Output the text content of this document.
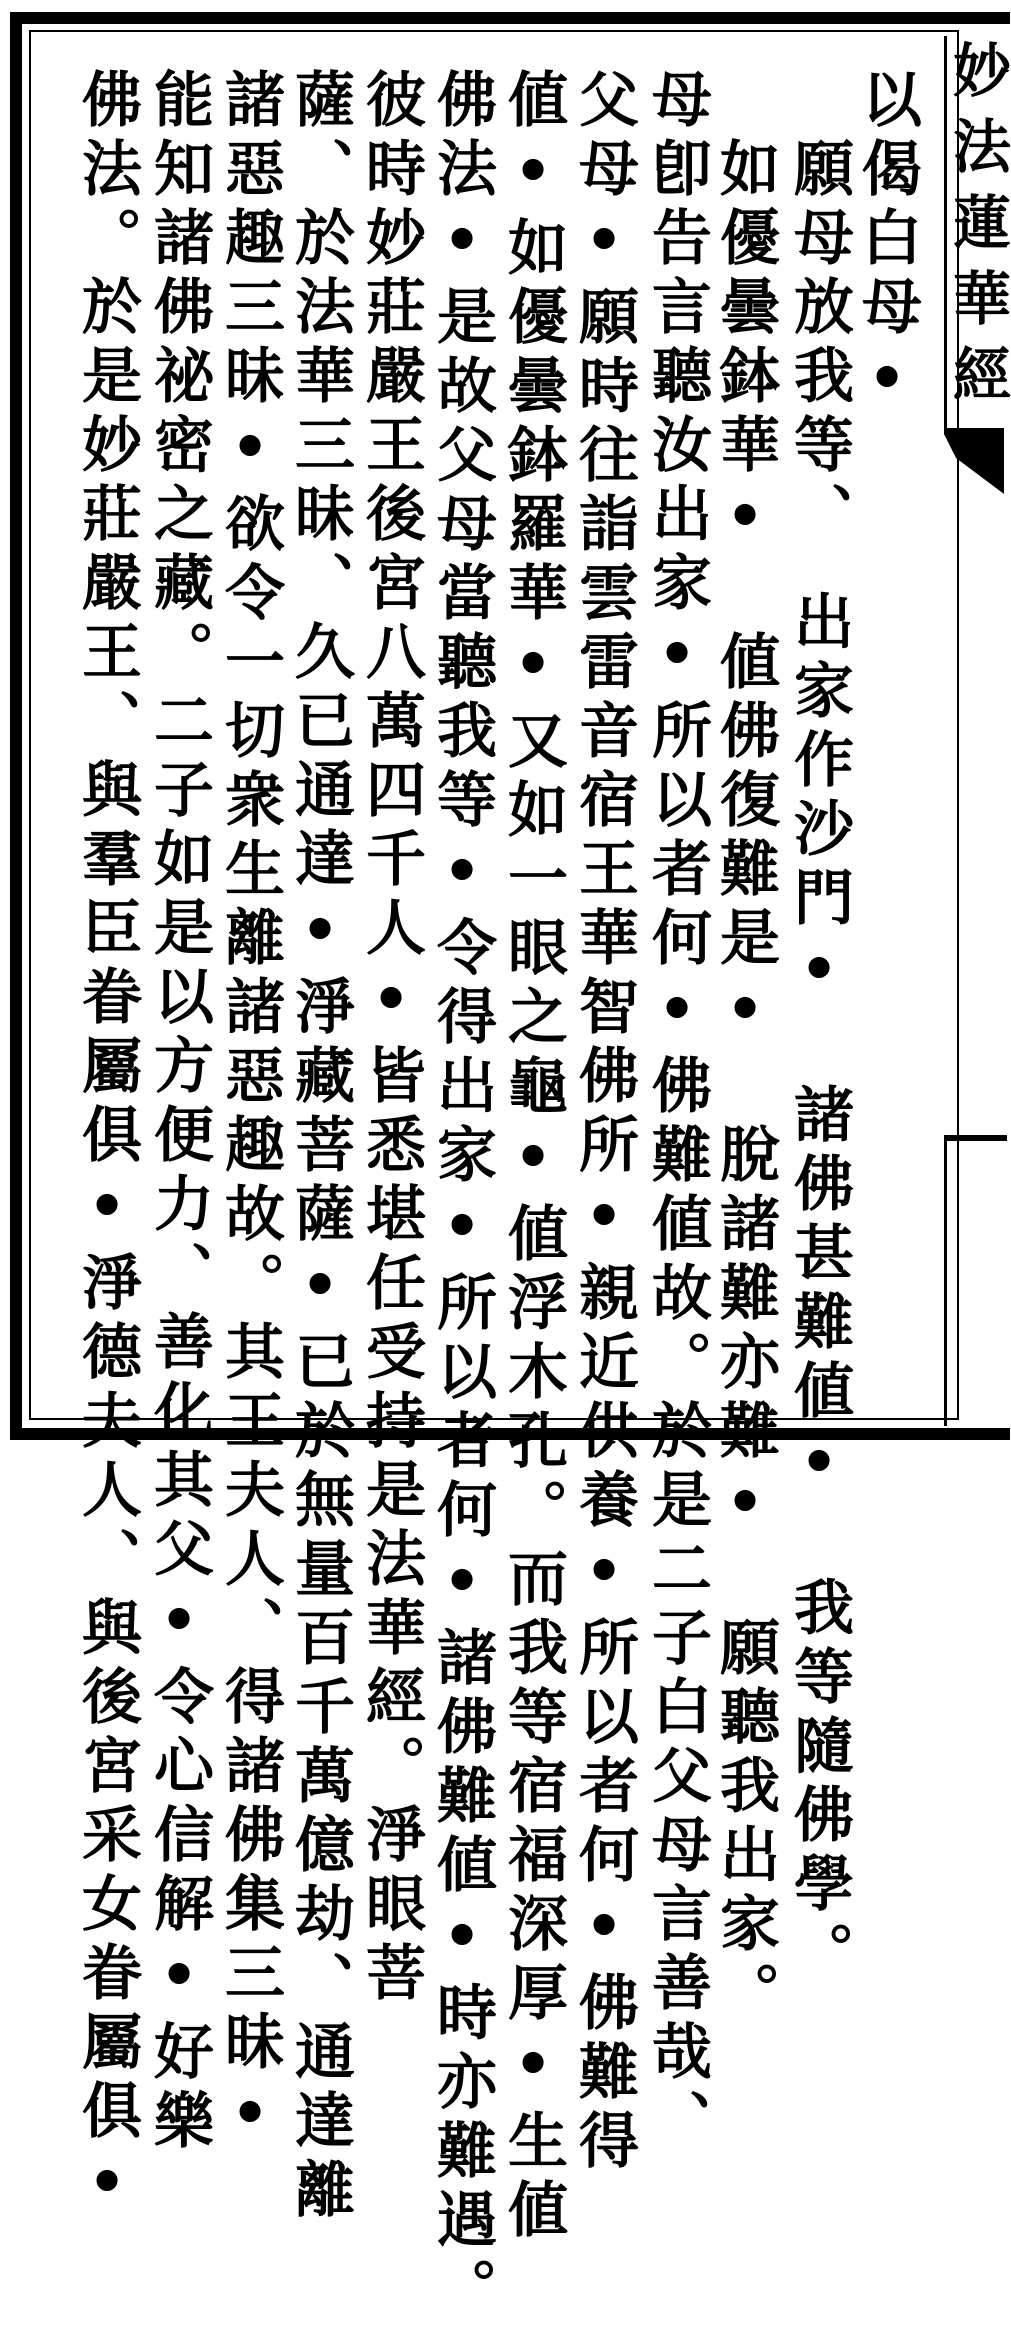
妙法蓮華經
以偈白母•
　願母放我等、　出家作沙門•　諸佛甚難値•　我等隨佛學。
　如優曇鉢華•　値佛復難是•　脫諸難亦難•　願聽我出家。
母卽告言聽汝出家•所以者何•佛難値故。於是二子白父母言善哉、
父母•願時往詣雲雷音宿王華智佛所•親近供養•所以者何•佛難得
値•如優曇鉢羅華•又如一眼之龜•値浮木孔。而我等宿福深厚•生値
佛法•是故父母當聽我等•令得出家•所以者何•諸佛難値•時亦難遇。
彼時妙莊嚴王後宮八萬四千人•皆悉堪任受持是法華經。淨眼菩
薩、於法華三昧、久已通達•淨藏菩薩•已於無量百千萬億劫、通達離
諸惡趣三昧•欲令一切衆生離諸惡趣故。其王夫人、得諸佛集三昧•
能知諸佛祕密之藏。二子如是以方便力、善化其父•令心信解•好樂
佛法。於是妙莊嚴王、與羣臣眷屬俱•淨德夫人、與後宮采女眷屬俱•
